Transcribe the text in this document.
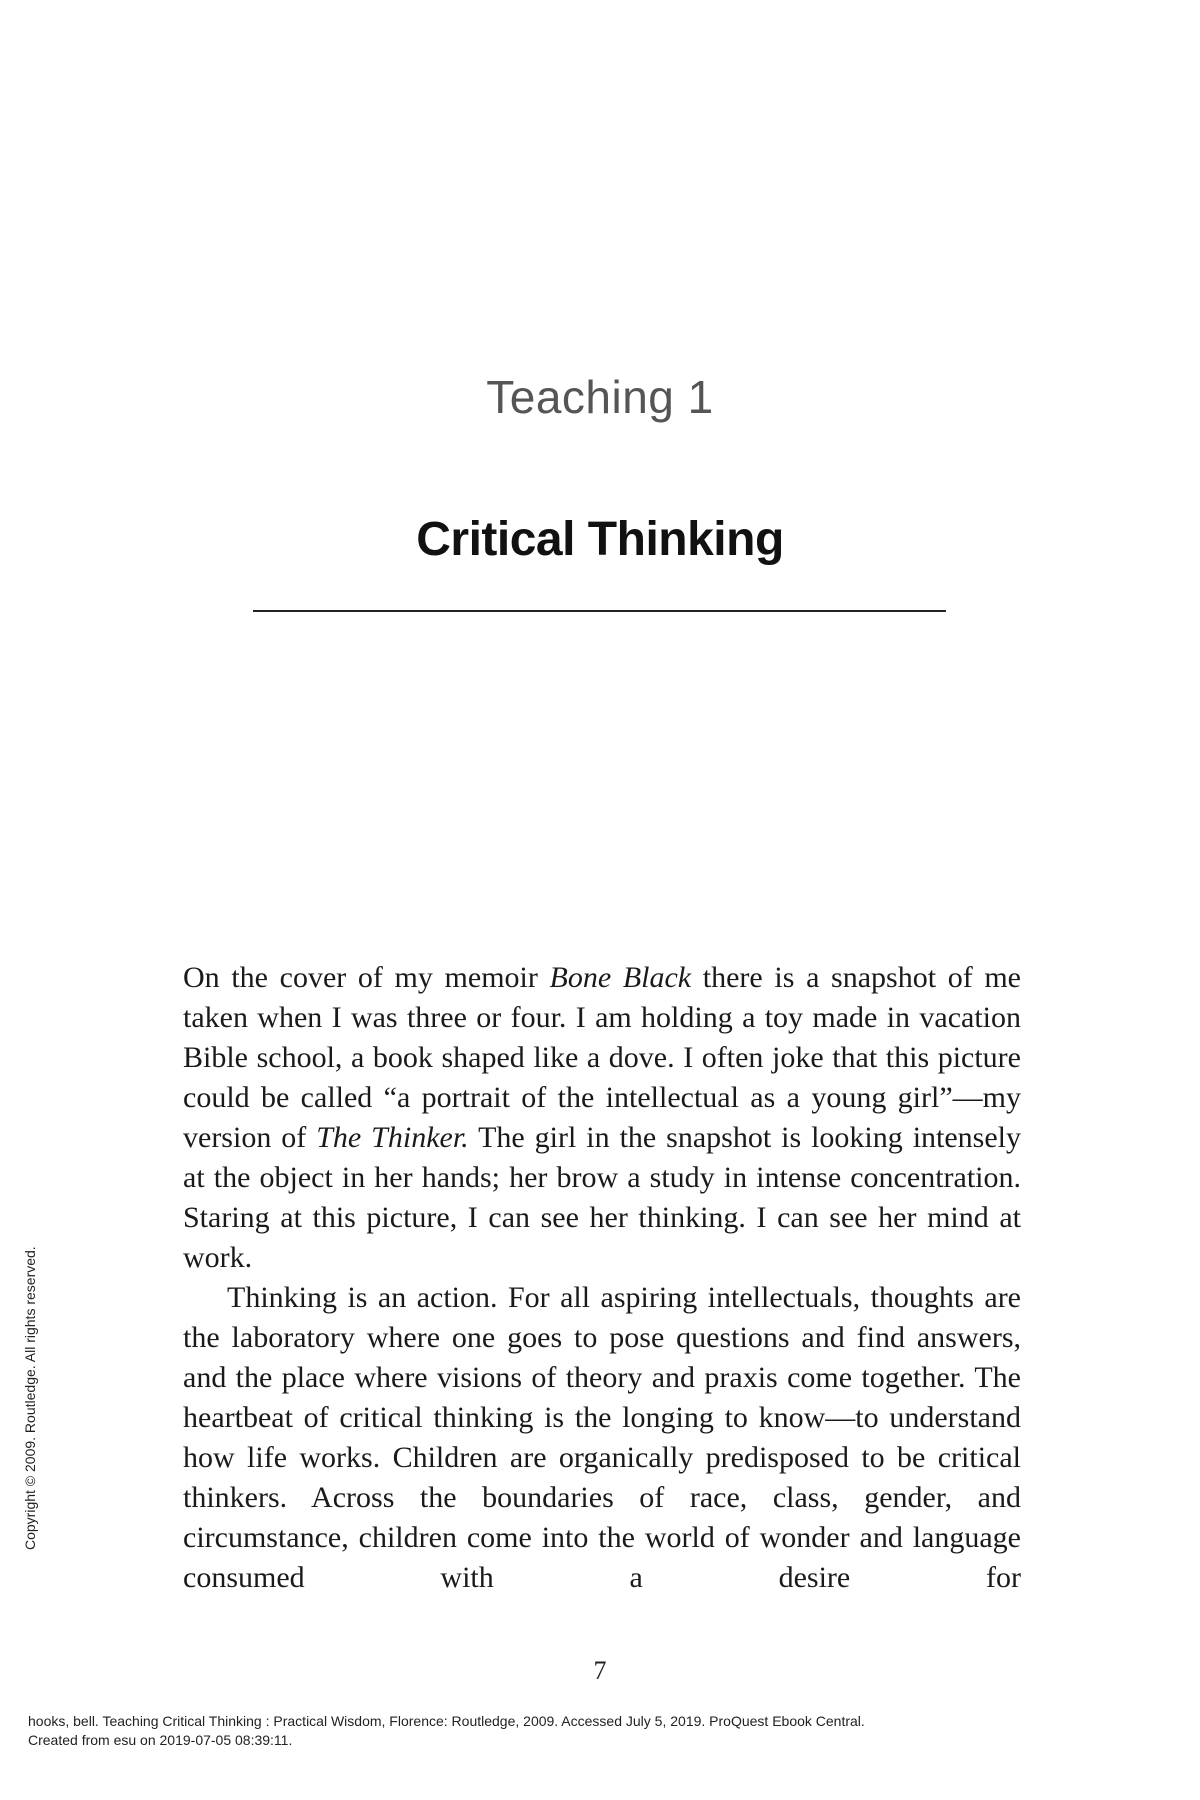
Teaching 1
Critical Thinking

On the cover of my memoir Bone Black there is a snapshot of me taken when I was three or four. I am holding a toy made in vacation Bible school, a book shaped like a dove. I often joke that this picture could be called “a portrait of the intellectual as a young girl”—my version of The Thinker. The girl in the snapshot is looking intensely at the object in her hands; her brow a study in intense concentration. Staring at this picture, I can see her thinking. I can see her mind at work.

Thinking is an action. For all aspiring intellectuals, thoughts are the laboratory where one goes to pose questions and find answers, and the place where visions of theory and praxis come together. The heartbeat of critical thinking is the longing to know—to understand how life works. Children are organically predisposed to be critical thinkers. Across the boundaries of race, class, gender, and circumstance, children come into the world of wonder and language consumed with a desire for

Copyright © 2009. Routledge. All rights reserved.
7
hooks, bell. Teaching Critical Thinking : Practical Wisdom, Florence: Routledge, 2009. Accessed July 5, 2019. ProQuest Ebook Central.
Created from esu on 2019-07-05 08:39:11.
